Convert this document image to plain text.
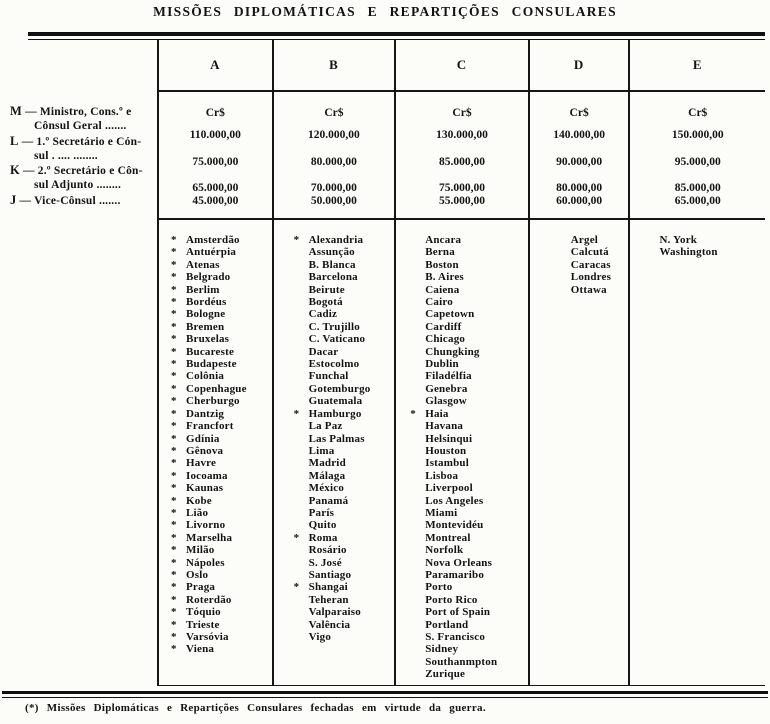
MISSÕES DIPLOMÁTICAS E REPARTIÇÕES CONSULARES
M — Ministro, Cons.º e
Cônsul Geral .......
L — 1.º Secretário e Cón-
sul . .... ........
K — 2.º Secretário e Côn-
sul Adjunto ........
J — Vice-Cônsul .......
A
Cr$
110.000,00
75.000,00
65.000,00
45.000,00
* Amsterdão
* Antuérpia
* Atenas
* Belgrado
* Berlim
* Bordéus
* Bologne
* Bremen
* Bruxelas
* Bucareste
* Budapeste
* Colônia
* Copenhague
* Cherburgo
* Dantzig
* Francfort
* Gdínia
* Gênova
* Havre
* Iocoama
* Kaunas
* Kobe
* Lião
* Livorno
* Marselha
* Milão
* Nápoles
* Oslo
* Praga
* Roterdão
* Tóquio
* Trieste
* Varsóvia
* Viena
B
Cr$
120.000,00
80.000,00
70.000,00
50.000,00
* Alexandria
Assunção
B. Blanca
Barcelona
Beirute
Bogotá
Cadiz
C. Trujillo
C. Vaticano
Dacar
Estocolmo
Funchal
Gotemburgo
Guatemala
* Hamburgo
La Paz
Las Palmas
Lima
Madrid
Málaga
México
Panamá
París
Quito
* Roma
Rosário
S. José
Santiago
* Shangai
Teheran
Valparaiso
Valência
Vigo
C
Cr$
130.000,00
85.000,00
75.000,00
55.000,00
Ancara
Berna
Boston
B. Aires
Caiena
Cairo
Capetown
Cardiff
Chicago
Chungking
Dublin
Filadélfia
Genebra
Glasgow
* Haia
Havana
Helsinqui
Houston
Istambul
Lisboa
Liverpool
Los Angeles
Miami
Montevidéu
Montreal
Norfolk
Nova Orleans
Paramaribo
Porto
Porto Rico
Port of Spain
Portland
S. Francisco
Sidney
Southanmpton
Zurique
D
Cr$
140.000,00
90.000,00
80.000,00
60.000,00
Argel
Calcutá
Caracas
Londres
Ottawa
E
Cr$
150.000,00
95.000,00
85.000,00
65.000,00
N. York
Washington
(*) Missões Diplomáticas e Repartições Consulares fechadas em virtude da guerra.
